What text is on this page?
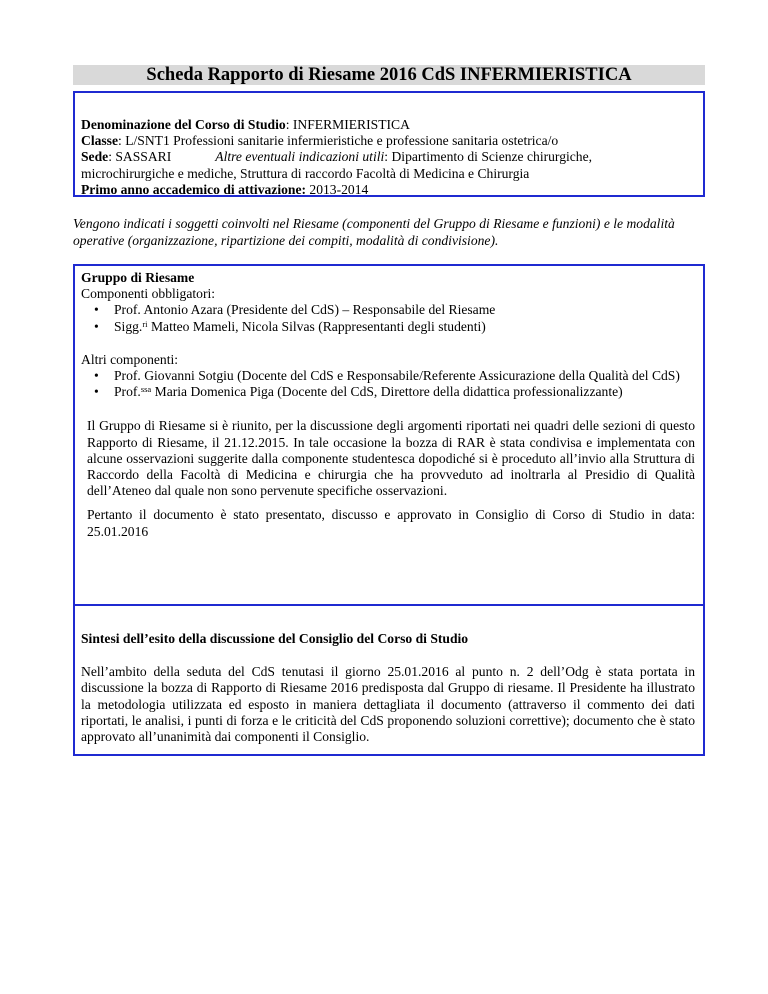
Scheda Rapporto di Riesame 2016 CdS INFERMIERISTICA
Denominazione del Corso di Studio: INFERMIERISTICA
Classe: L/SNT1 Professioni sanitarie infermieristiche e professione sanitaria ostetrica/o
Sede: SASSARI	Altre eventuali indicazioni utili: Dipartimento di Scienze chirurgiche,
microchirurgiche e mediche, Struttura di raccordo Facoltà di Medicina e Chirurgia
Primo anno accademico di attivazione: 2013-2014
Vengono indicati i soggetti coinvolti nel Riesame (componenti del Gruppo di Riesame e funzioni) e le modalità operative (organizzazione, ripartizione dei compiti, modalità di condivisione).
Gruppo di Riesame
Componenti obbligatori:
• Prof. Antonio Azara (Presidente del CdS) – Responsabile del Riesame
• Sigg.$^{ri}$ Matteo Mameli, Nicola Silvas (Rappresentanti degli studenti)
Altri componenti:
• Prof. Giovanni Sotgiu (Docente del CdS e Responsabile/Referente Assicurazione della Qualità del CdS)
• Prof.$^{ssa}$ Maria Domenica Piga (Docente del CdS, Direttore della didattica professionalizzante)
Il Gruppo di Riesame si è riunito, per la discussione degli argomenti riportati nei quadri delle sezioni di questo Rapporto di Riesame, il 21.12.2015. In tale occasione la bozza di RAR è stata condivisa e implementata con alcune osservazioni suggerite dalla componente studentesca dopodiché si è proceduto all’invio alla Struttura di Raccordo della Facoltà di Medicina e chirurgia che ha provveduto ad inoltrarla al Presidio di Qualità dell’Ateneo dal quale non sono pervenute specifiche osservazioni.
Pertanto il documento è stato presentato, discusso e approvato in Consiglio di Corso di Studio in data: 25.01.2016
Sintesi dell’esito della discussione del Consiglio del Corso di Studio
Nell’ambito della seduta del CdS tenutasi il giorno 25.01.2016 al punto n. 2 dell’Odg è stata portata in discussione la bozza di Rapporto di Riesame 2016 predisposta dal Gruppo di riesame. Il Presidente ha illustrato la metodologia utilizzata ed esposto in maniera dettagliata il documento (attraverso il commento dei dati riportati, le analisi, i punti di forza e le criticità del CdS proponendo soluzioni correttive); documento che è stato approvato all’unanimità dai componenti il Consiglio.
